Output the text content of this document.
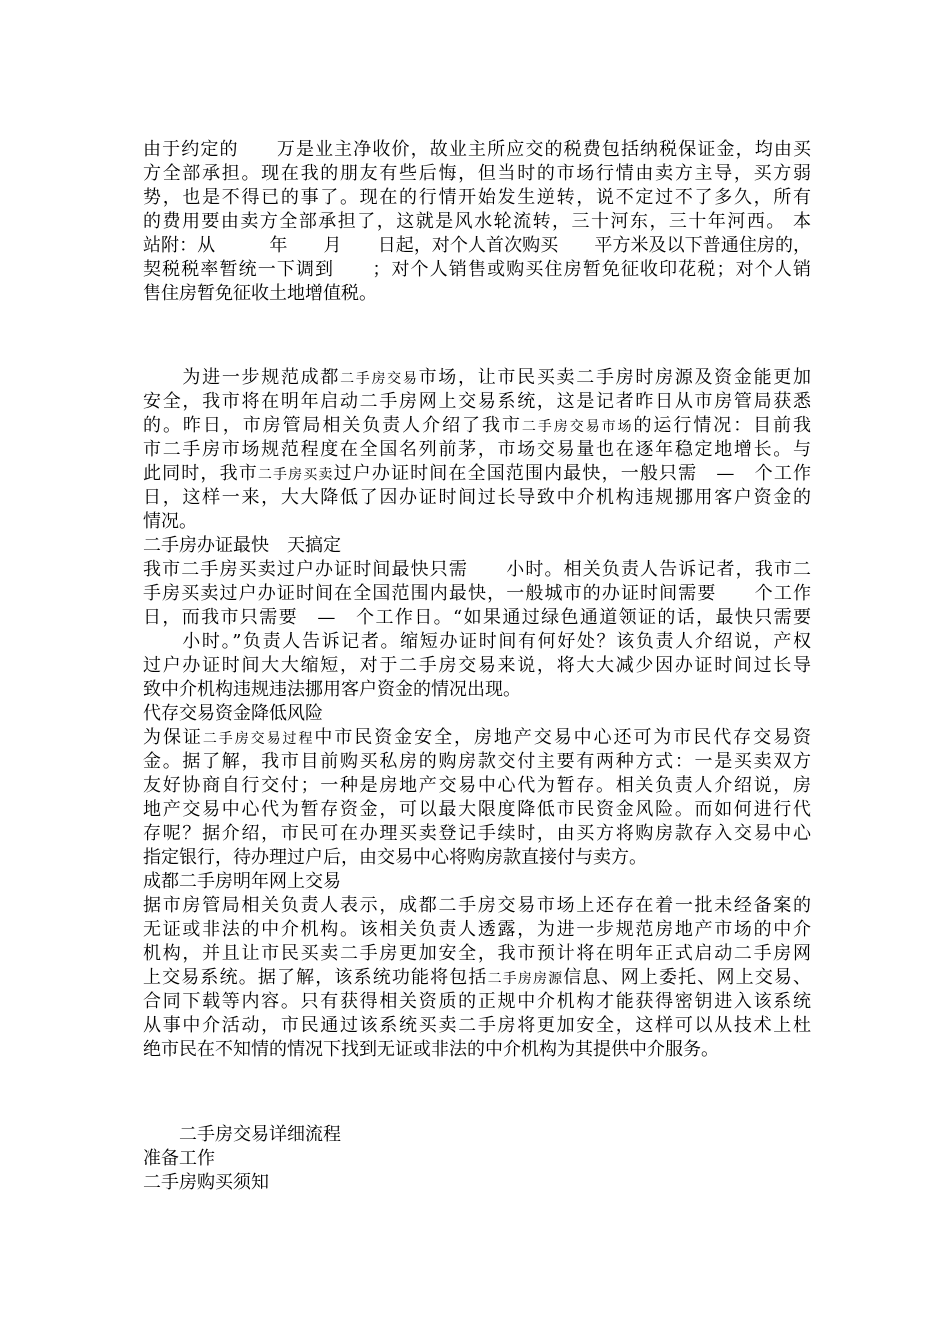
由于约定的　　万是业主净收价，故业主所应交的税费包括纳税保证金，均由买
方全部承担。现在我的朋友有些后悔，但当时的市场行情由卖方主导，买方弱
势，也是不得已的事了。现在的行情开始发生逆转，说不定过不了多久，所有
的费用要由卖方全部承担了，这就是风水轮流转，三十河东，三十年河西。 本
站附：从　　　年　　月　　日起，对个人首次购买　　平方米及以下普通住房的，
契税税率暂统一下调到　　；对个人销售或购买住房暂免征收印花税；对个人销
售住房暂免征收土地增值税。
　　为进一步规范成都二手房交易市场，让市民买卖二手房时房源及资金能更加
安全，我市将在明年启动二手房网上交易系统，这是记者昨日从市房管局获悉
的。昨日，市房管局相关负责人介绍了我市二手房交易市场的运行情况：目前我
市二手房市场规范程度在全国名列前茅，市场交易量也在逐年稳定地增长。与
此同时，我市二手房买卖过户办证时间在全国范围内最快，一般只需　—　个工作
日，这样一来，大大降低了因办证时间过长导致中介机构违规挪用客户资金的
情况。
二手房办证最快　天搞定
我市二手房买卖过户办证时间最快只需　　小时。相关负责人告诉记者，我市二
手房买卖过户办证时间在全国范围内最快，一般城市的办证时间需要　　个工作
日，而我市只需要　—　个工作日。“如果通过绿色通道领证的话，最快只需要
　　小时。”负责人告诉记者。缩短办证时间有何好处？该负责人介绍说，产权
过户办证时间大大缩短，对于二手房交易来说，将大大减少因办证时间过长导
致中介机构违规违法挪用客户资金的情况出现。
代存交易资金降低风险
为保证二手房交易过程中市民资金安全，房地产交易中心还可为市民代存交易资
金。据了解，我市目前购买私房的购房款交付主要有两种方式：一是买卖双方
友好协商自行交付；一种是房地产交易中心代为暂存。相关负责人介绍说，房
地产交易中心代为暂存资金，可以最大限度降低市民资金风险。而如何进行代
存呢？据介绍，市民可在办理买卖登记手续时，由买方将购房款存入交易中心
指定银行，待办理过户后，由交易中心将购房款直接付与卖方。
成都二手房明年网上交易
据市房管局相关负责人表示，成都二手房交易市场上还存在着一批未经备案的
无证或非法的中介机构。该相关负责人透露，为进一步规范房地产市场的中介
机构，并且让市民买卖二手房更加安全，我市预计将在明年正式启动二手房网
上交易系统。据了解，该系统功能将包括二手房房源信息、网上委托、网上交易、
合同下载等内容。只有获得相关资质的正规中介机构才能获得密钥进入该系统
从事中介活动，市民通过该系统买卖二手房将更加安全，这样可以从技术上杜
绝市民在不知情的情况下找到无证或非法的中介机构为其提供中介服务。
　　二手房交易详细流程
准备工作
二手房购买须知
